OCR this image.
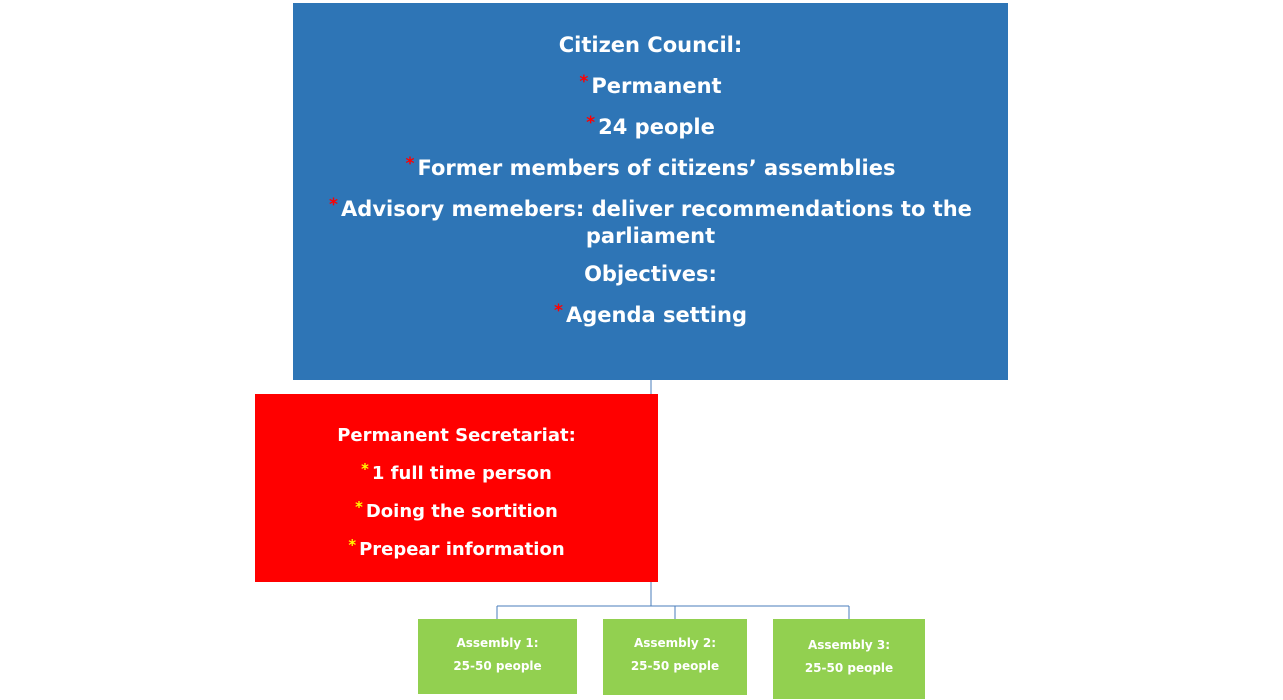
Citizen Council:
* Permanent
* 24 people
* Former members of citizens’ assemblies
* Advisory memebers: deliver recommendations to the parliament
Objectives:
* Agenda setting
Permanent Secretariat:
* 1 full time person
* Doing the sortition
* Prepear information
Assembly 1:
25-50 people
Assembly 2:
25-50 people
Assembly 3:
25-50 people
